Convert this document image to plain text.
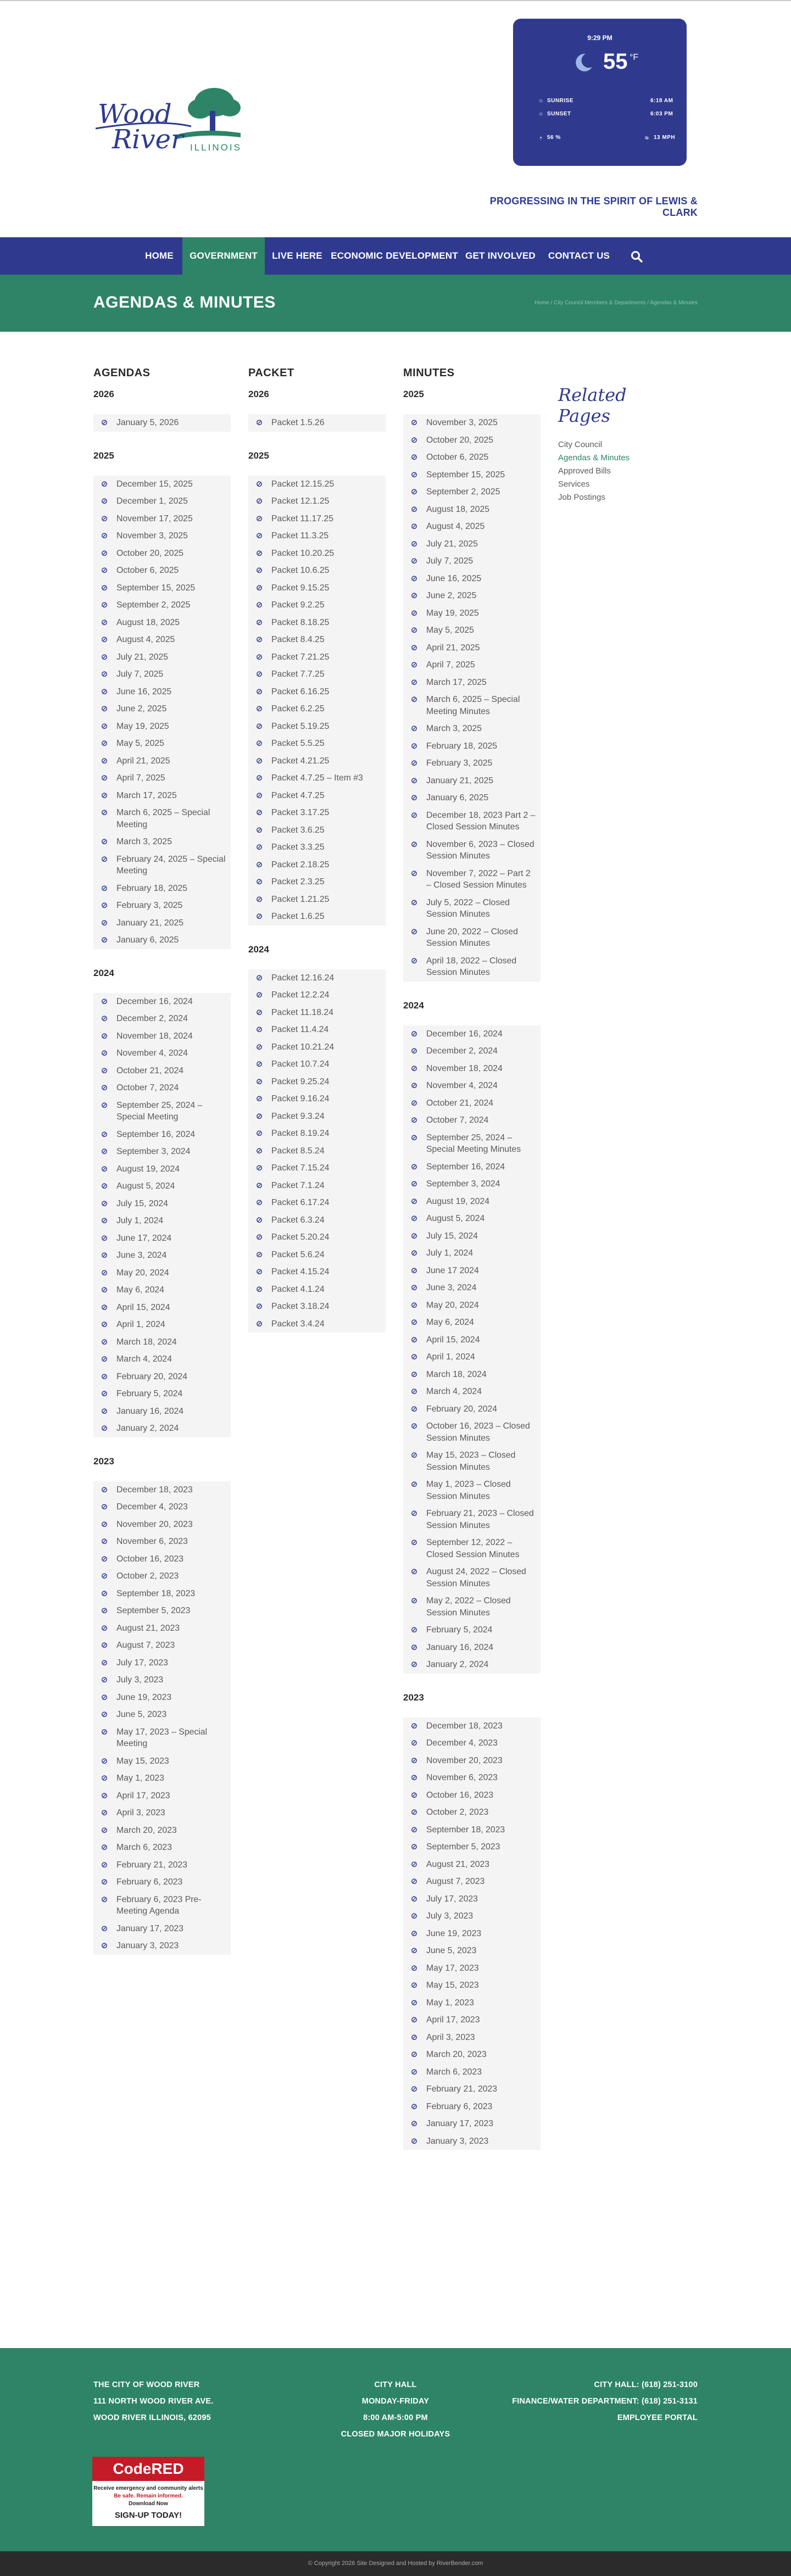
Wood
River ILLINOIS
9:29 PM
55 °F
☼ SUNRISE	6:18 AM
☼ SUNSET	6:03 PM
◔ 56 %	≈ 13 MPH
PROGRESSING IN THE SPIRIT OF LEWIS & CLARK
HOME	GOVERNMENT	LIVE HERE ECONOMIC DEVELOPMENT GET INVOLVED	CONTACT US
AGENDAS & MINUTES	Home / City Council Members & Departments / Agendas & Minutes
AGENDAS
2026
⊘ January 5, 2026
2025
⊘ December 15, 2025
⊘ December 1, 2025
⊘ November 17, 2025
⊘ November 3, 2025
⊘ October 20, 2025
⊘ October 6, 2025
⊘ September 15, 2025
⊘ September 2, 2025
⊘ August 18, 2025
⊘ August 4, 2025
⊘ July 21, 2025
⊘ July 7, 2025
⊘ June 16, 2025
⊘ June 2, 2025
⊘ May 19, 2025
⊘ May 5, 2025
⊘ April 21, 2025
⊘ April 7, 2025
⊘ March 17, 2025
⊘ March 6, 2025 – Special Meeting
⊘ March 3, 2025
⊘ February 24, 2025 – Special Meeting
⊘ February 18, 2025
⊘ February 3, 2025
⊘ January 21, 2025
⊘ January 6, 2025
2024
⊘ December 16, 2024
⊘ December 2, 2024
⊘ November 18, 2024
⊘ November 4, 2024
⊘ October 21, 2024
⊘ October 7, 2024
⊘ September 25, 2024 – Special Meeting
⊘ September 16, 2024
⊘ September 3, 2024
⊘ August 19, 2024
⊘ August 5, 2024
⊘ July 15, 2024
⊘ July 1, 2024
⊘ June 17, 2024
⊘ June 3, 2024
⊘ May 20, 2024
⊘ May 6, 2024
⊘ April 15, 2024
⊘ April 1, 2024
⊘ March 18, 2024
⊘ March 4, 2024
⊘ February 20, 2024
⊘ February 5, 2024
⊘ January 16, 2024
⊘ January 2, 2024
2023
⊘ December 18, 2023
⊘ December 4, 2023
⊘ November 20, 2023
⊘ November 6, 2023
⊘ October 16, 2023
⊘ October 2, 2023
⊘ September 18, 2023
⊘ September 5, 2023
⊘ August 21, 2023
⊘ August 7, 2023
⊘ July 17, 2023
⊘ July 3, 2023
⊘ June 19, 2023
⊘ June 5, 2023
⊘ May 17, 2023 – Special Meeting
⊘ May 15, 2023
⊘ May 1, 2023
⊘ April 17, 2023
⊘ April 3, 2023
⊘ March 20, 2023
⊘ March 6, 2023
⊘ February 21, 2023
⊘ February 6, 2023
⊘ February 6, 2023 Pre-Meeting Agenda
⊘ January 17, 2023
⊘ January 3, 2023
PACKET
2026
⊘ Packet 1.5.26
2025
⊘ Packet 12.15.25
⊘ Packet 12.1.25
⊘ Packet 11.17.25
⊘ Packet 11.3.25
⊘ Packet 10.20.25
⊘ Packet 10.6.25
⊘ Packet 9.15.25
⊘ Packet 9.2.25
⊘ Packet 8.18.25
⊘ Packet 8.4.25
⊘ Packet 7.21.25
⊘ Packet 7.7.25
⊘ Packet 6.16.25
⊘ Packet 6.2.25
⊘ Packet 5.19.25
⊘ Packet 5.5.25
⊘ Packet 4.21.25
⊘ Packet 4.7.25 – Item #3
⊘ Packet 4.7.25
⊘ Packet 3.17.25
⊘ Packet 3.6.25
⊘ Packet 3.3.25
⊘ Packet 2.18.25
⊘ Packet 2.3.25
⊘ Packet 1.21.25
⊘ Packet 1.6.25
2024
⊘ Packet 12.16.24
⊘ Packet 12.2.24
⊘ Packet 11.18.24
⊘ Packet 11.4.24
⊘ Packet 10.21.24
⊘ Packet 10.7.24
⊘ Packet 9.25.24
⊘ Packet 9.16.24
⊘ Packet 9.3.24
⊘ Packet 8.19.24
⊘ Packet 8.5.24
⊘ Packet 7.15.24
⊘ Packet 7.1.24
⊘ Packet 6.17.24
⊘ Packet 6.3.24
⊘ Packet 5.20.24
⊘ Packet 5.6.24
⊘ Packet 4.15.24
⊘ Packet 4.1.24
⊘ Packet 3.18.24
⊘ Packet 3.4.24
MINUTES
2025
⊘ November 3, 2025
⊘ October 20, 2025
⊘ October 6, 2025
⊘ September 15, 2025
⊘ September 2, 2025
⊘ August 18, 2025
⊘ August 4, 2025
⊘ July 21, 2025
⊘ July 7, 2025
⊘ June 16, 2025
⊘ June 2, 2025
⊘ May 19, 2025
⊘ May 5, 2025
⊘ April 21, 2025
⊘ April 7, 2025
⊘ March 17, 2025
⊘ March 6, 2025 – Special Meeting Minutes
⊘ March 3, 2025
⊘ February 18, 2025
⊘ February 3, 2025
⊘ January 21, 2025
⊘ January 6, 2025
⊘ December 18, 2023 Part 2 – Closed Session Minutes
⊘ November 6, 2023 – Closed Session Minutes
⊘ November 7, 2022 – Part 2 – Closed Session Minutes
⊘ July 5, 2022 – Closed Session Minutes
⊘ June 20, 2022 – Closed Session Minutes
⊘ April 18, 2022 – Closed Session Minutes
2024
⊘ December 16, 2024
⊘ December 2, 2024
⊘ November 18, 2024
⊘ November 4, 2024
⊘ October 21, 2024
⊘ October 7, 2024
⊘ September 25, 2024 – Special Meeting Minutes
⊘ September 16, 2024
⊘ September 3, 2024
⊘ August 19, 2024
⊘ August 5, 2024
⊘ July 15, 2024
⊘ July 1, 2024
⊘ June 17 2024
⊘ June 3, 2024
⊘ May 20, 2024
⊘ May 6, 2024
⊘ April 15, 2024
⊘ April 1, 2024
⊘ March 18, 2024
⊘ March 4, 2024
⊘ February 20, 2024
⊘ October 16, 2023 – Closed Session Minutes
⊘ May 15, 2023 – Closed Session Minutes
⊘ May 1, 2023 – Closed Session Minutes
⊘ February 21, 2023 – Closed Session Minutes
⊘ September 12, 2022 – Closed Session Minutes
⊘ August 24, 2022 – Closed Session Minutes
⊘ May 2, 2022 – Closed Session Minutes
⊘ February 5, 2024
⊘ January 16, 2024
⊘ January 2, 2024
2023
⊘ December 18, 2023
⊘ December 4, 2023
⊘ November 20, 2023
⊘ November 6, 2023
⊘ October 16, 2023
⊘ October 2, 2023
⊘ September 18, 2023
⊘ September 5, 2023
⊘ August 21, 2023
⊘ August 7, 2023
⊘ July 17, 2023
⊘ July 3, 2023
⊘ June 19, 2023
⊘ June 5, 2023
⊘ May 17, 2023
⊘ May 15, 2023
⊘ May 1, 2023
⊘ April 17, 2023
⊘ April 3, 2023
⊘ March 20, 2023
⊘ March 6, 2023
⊘ February 21, 2023
⊘ February 6, 2023
⊘ January 17, 2023
⊘ January 3, 2023
Related Pages
City Council
Agendas & Minutes
Approved Bills
Services
Job Postings
THE CITY OF WOOD RIVER
111 NORTH WOOD RIVER AVE.
WOOD RIVER ILLINOIS, 62095
CITY HALL
MONDAY-FRIDAY
8:00 AM-5:00 PM
CLOSED MAJOR HOLIDAYS
CITY HALL: (618) 251-3100
FINANCE/WATER DEPARTMENT: (618) 251-3131
EMPLOYEE PORTAL
CodeRED
Receive emergency and community alerts
Be safe. Remain informed.
Download Now
SIGN-UP TODAY!
© Copyright 2026 Site Designed and Hosted by RiverBender.com
